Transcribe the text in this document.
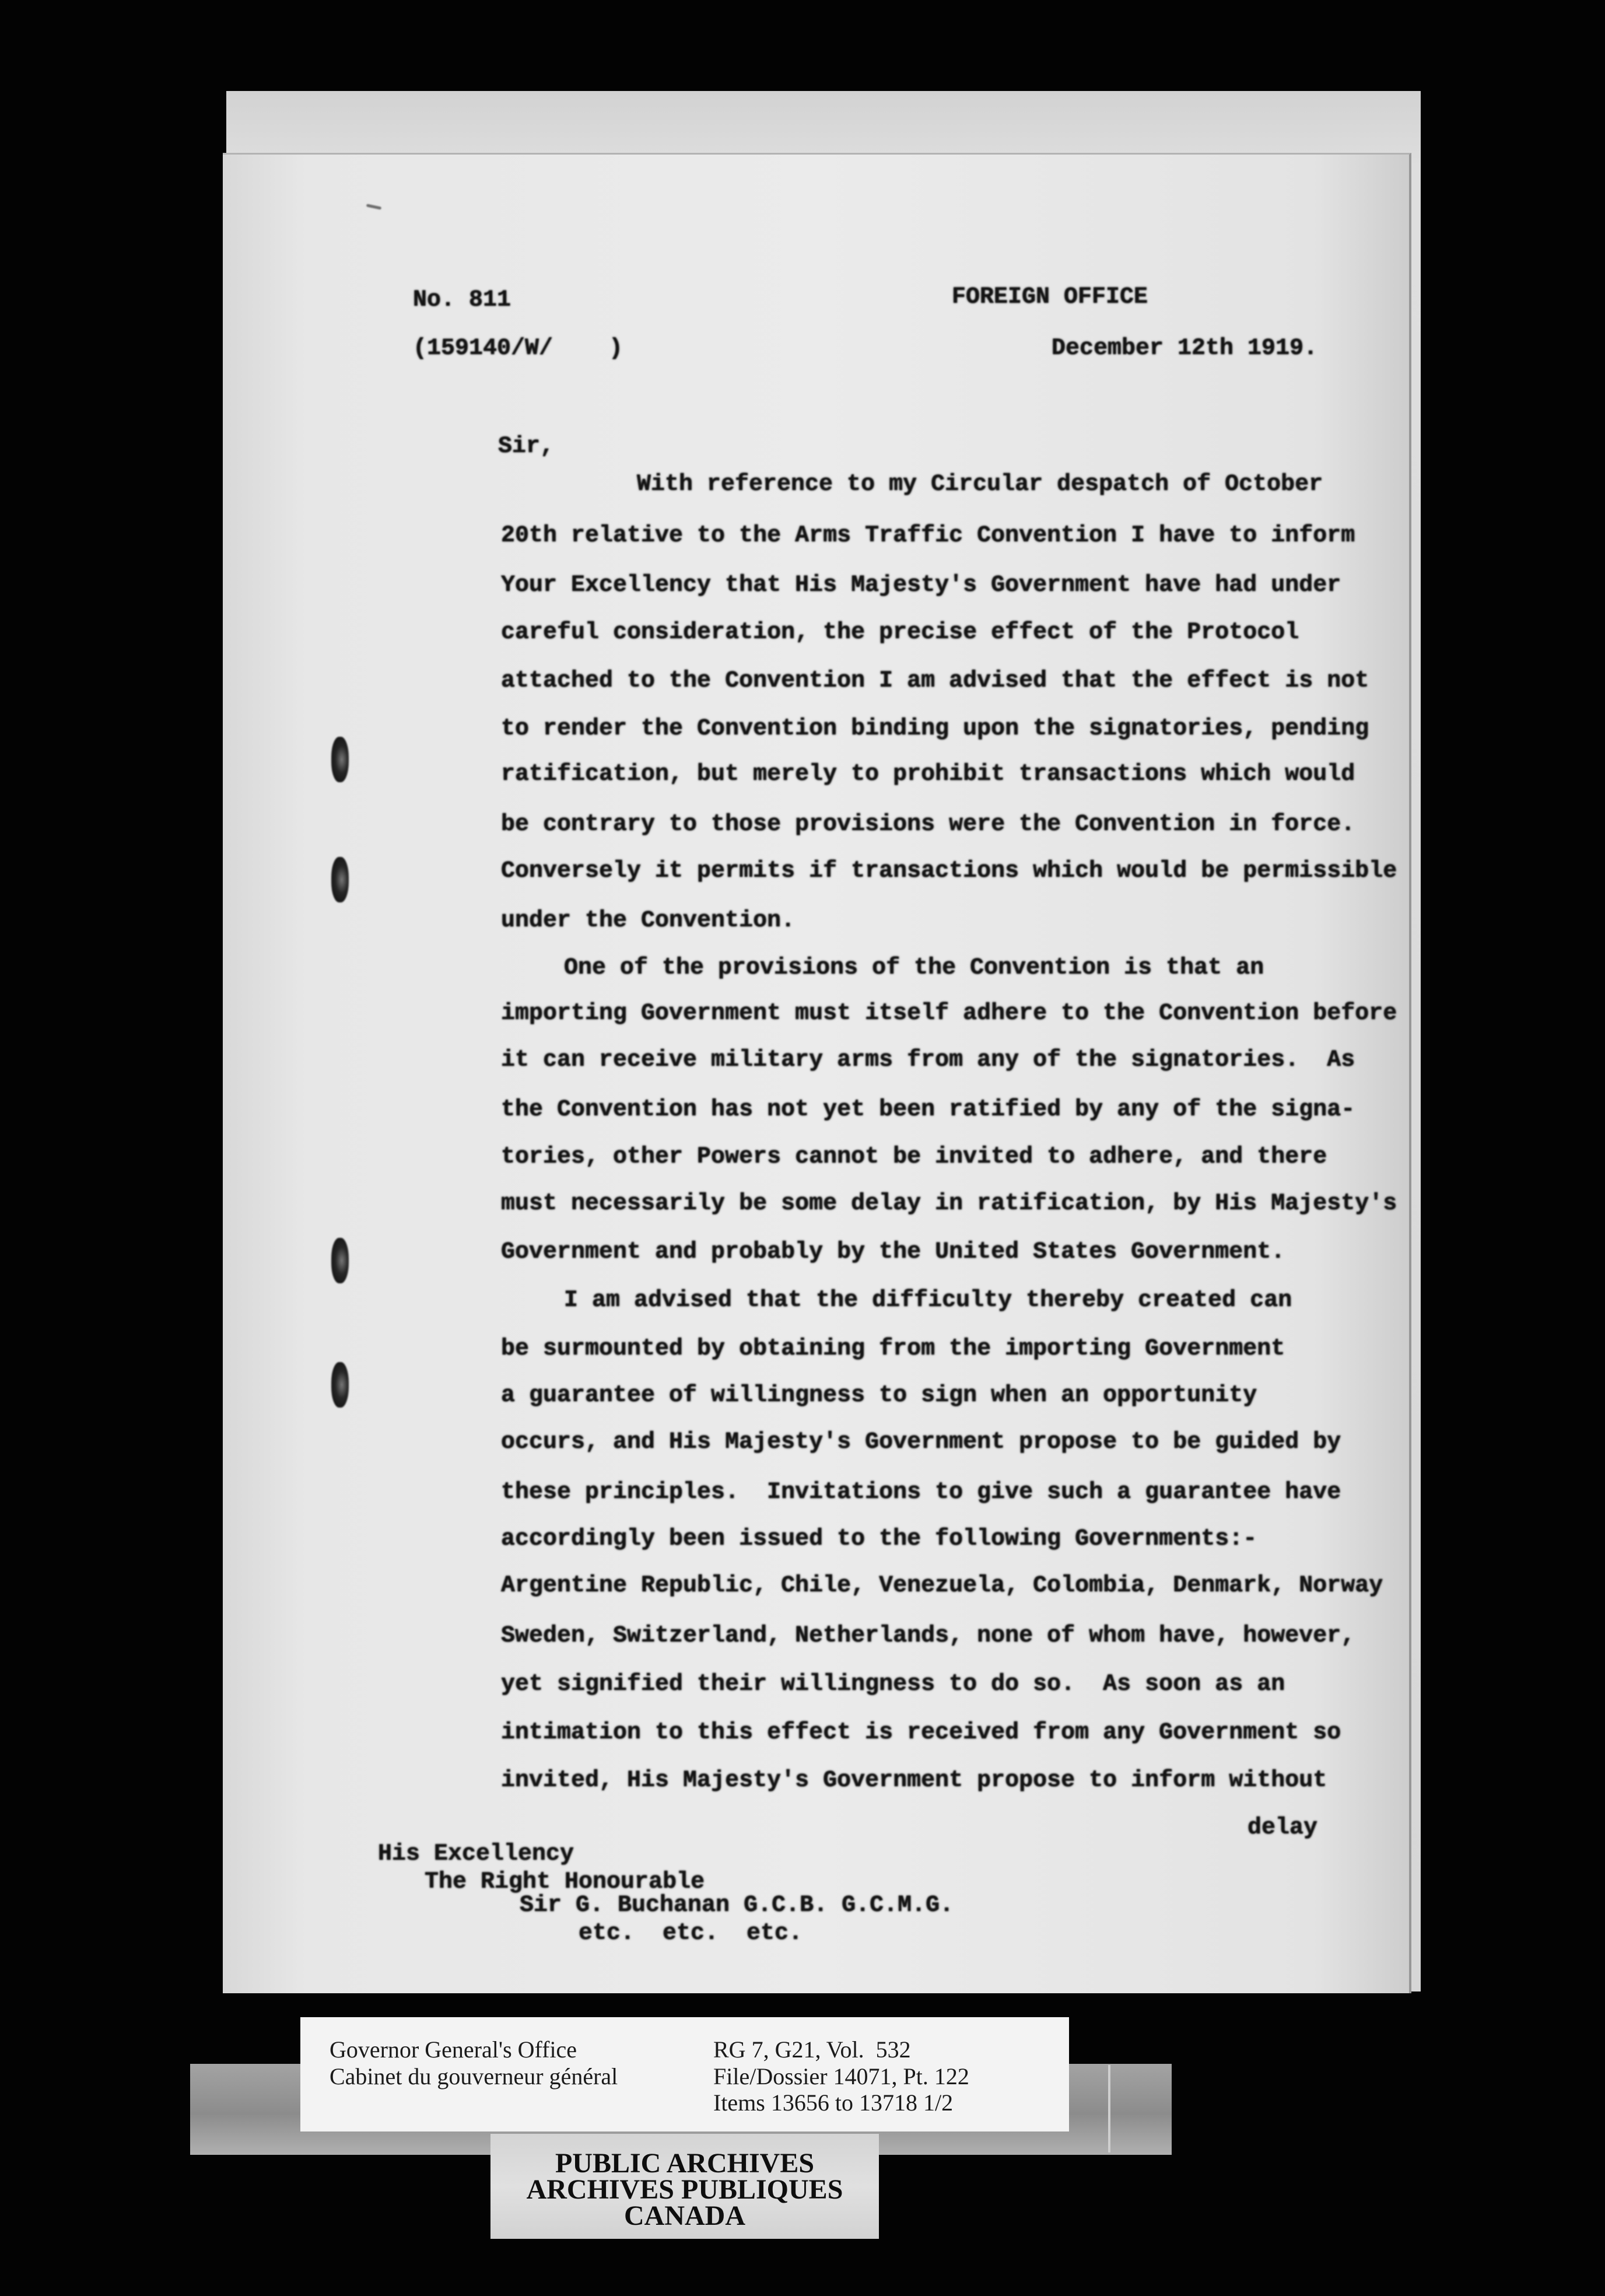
No. 811	FOREIGN OFFICE
(159140/W/    )	December 12th 1919.
Sir,
With reference to my Circular despatch of October
20th relative to the Arms Traffic Convention I have to inform
Your Excellency that His Majesty's Government have had under
careful consideration, the precise effect of the Protocol
attached to the Convention I am advised that the effect is not
to render the Convention binding upon the signatories, pending
ratification, but merely to prohibit transactions which would
be contrary to those provisions were the Convention in force.
Conversely it permits if transactions which would be permissible
under the Convention.
One of the provisions of the Convention is that an
importing Government must itself adhere to the Convention before
it can receive military arms from any of the signatories.  As
the Convention has not yet been ratified by any of the signa-
tories, other Powers cannot be invited to adhere, and there
must necessarily be some delay in ratification, by His Majesty's
Government and probably by the United States Government.
I am advised that the difficulty thereby created can
be surmounted by obtaining from the importing Government
a guarantee of willingness to sign when an opportunity
occurs, and His Majesty's Government propose to be guided by
these principles.  Invitations to give such a guarantee have
accordingly been issued to the following Governments:-
Argentine Republic, Chile, Venezuela, Colombia, Denmark, Norway
Sweden, Switzerland, Netherlands, none of whom have, however,
yet signified their willingness to do so.  As soon as an
intimation to this effect is received from any Government so
invited, His Majesty's Government propose to inform without
delay
His Excellency
The Right Honourable
Sir G. Buchanan G.C.B. G.C.M.G.
etc.  etc.  etc.
Governor General's Office
Cabinet du gouverneur général
RG 7, G21, Vol.  532
File/Dossier 14071, Pt. 122
Items 13656 to 13718 1/2
PUBLIC ARCHIVES
ARCHIVES PUBLIQUES
CANADA
